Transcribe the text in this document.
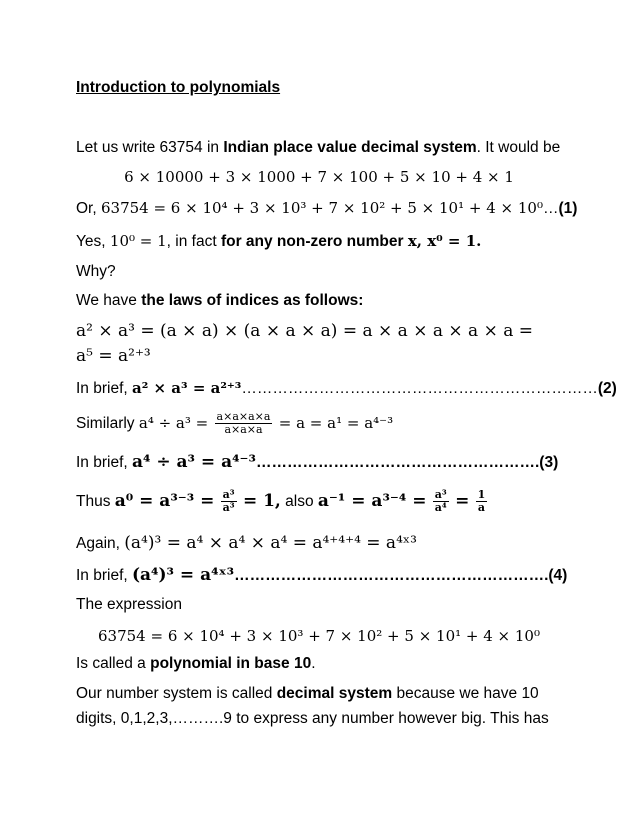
Introduction to polynomials
Let us write 63754 in Indian place value decimal system. It would be
6 × 10000 + 3 × 1000 + 7 × 100 + 5 × 10 + 4 × 1
Or, 63754 = 6 × 10⁴ + 3 × 10³ + 7 × 10² + 5 × 10¹ + 4 × 10⁰…(1)
Yes, 10⁰ = 1, in fact for any non-zero number x, x⁰ = 1.
Why?
We have the laws of indices as follows:
a² × a³ = (a × a) × (a × a × a) = a × a × a × a × a =
a⁵ = a²⁺³
In brief, a² × a³ = a²⁺³……………………………………………………………(2)
Similarly $a^4 \div a^3 = \frac{a\times a\times a\times a}{a\times a\times a} = a = a^1 = a^{4-3}$
In brief, a⁴ ÷ a³ = a⁴⁻³……………………………………………….(3)
Thus $a^0 = a^{3-3} = \frac{\text{a³}}{\text{a³}} = 1$, also $a^{-1} = a^{3-4} = \frac{\text{a³}}{\text{a⁴}} = \frac{1}{a}$
Again, (a⁴)³ = a⁴ × a⁴ × a⁴ = a⁴⁺⁴⁺⁴ = a⁴ˣ³
In brief, (a⁴)³ = a⁴ˣ³…………………………………………………….(4)
The expression
63754 = 6 × 10⁴ + 3 × 10³ + 7 × 10² + 5 × 10¹ + 4 × 10⁰
Is called a polynomial in base 10.
Our number system is called decimal system because we have 10
digits, 0,1,2,3,……….9 to express any number however big. This has
